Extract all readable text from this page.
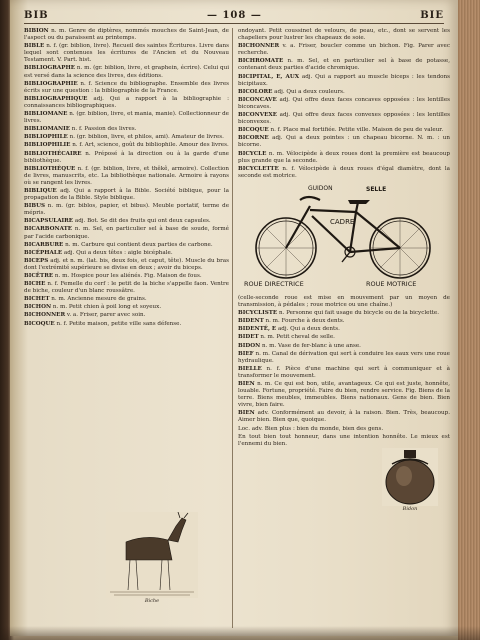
BIB	— 108 —	BIE
BIBION n. m. Genre de diptères, nommés mouches de Saint-Jean, de l'aspect ou du paraissent au printemps.
BIBLE n. f. (gr. biblion, livre). Recueil des saintes Écritures. Livre dans lequel sont contenues les écritures de l'Ancien et du Nouveau Testament. V. Part. hist.
BIBLIOGRAPHE n. m. (gr. biblion, livre, et graphein, écrire). Celui qui est versé dans la science des livres, des éditions.
BIBLIOGRAPHIE n. f. Science du bibliographe. Ensemble des livres écrits sur une question : la bibliographie de la France.
BIBLIOGRAPHIQUE adj. Qui a rapport à la bibliographie : connaissances bibliographiques.
BIBLIOMANE n. (gr. biblion, livre, et mania, manie). Collectionneur de livres.
BIBLIOMANIE n. f. Passion des livres.
BIBLIOPHILE n. (gr. biblion, livre, et philos, ami). Amateur de livres.
BIBLIOPHILIE n. f. Art, science, goût du bibliophile. Amour des livres.
BIBLIOTHÉCAIRE n. Préposé à la direction ou à la garde d'une bibliothèque.
BIBLIOTHÈQUE n. f. (gr. biblion, livre, et thêkê, armoire). Collection de livres, manuscrits, etc. La bibliothèque nationale. Armoire à rayons où se rangent les livres.
BIBLIQUE adj. Qui a rapport à la Bible. Société biblique, pour la propagation de la Bible. Style biblique.
BIBUS n. m. (gr. biblos, papier, et bibus). Meuble portatif, terme de mépris.
BICAPSULAIRE adj. Bot. Se dit des fruits qui ont deux capsules.
BICARBONATE n. m. Sel, en particulier sel à base de soude, formé par l'acide carbonique.
BICARBURE n. m. Carbure qui contient deux parties de carbone.
BICÉPHALE adj. Qui a deux têtes : aigle bicéphale.
BICEPS adj. et n. m. (lat. bis, deux fois, et caput, tête). Muscle du bras dont l'extrémité supérieure se divise en deux ; avoir du biceps.
BICÊTRE n. m. Hospice pour les aliénés. Fig. Maison de fous.
BICHE n. f. Femelle du cerf : le petit de la biche s'appelle faon. Ventre de biche, couleur d'un blanc roussâtre.
BICHET n. m. Ancienne mesure de grains.
BICHON n. m. Petit chien à poil long et soyeux.
BICHONNER v. a. Friser, parer avec soin.
BICOQUE n. f. Petite maison, petite ville sans défense.
ondoyant. Petit coussinet de velours, de peau, etc., dont se servent les chapeliers pour lustrer les chapeaux de soie.
BICHONNER v. a. Friser, boucler comme un bichon. Fig. Parer avec recherche.
BICHROMATE n. m. Sel, et en particulier sel à base de potasse, contenant deux parties d'acide chromique.
BICIPITAL, E, AUX adj. Qui a rapport au muscle biceps : les tendons bicipitaux.
BICOLORE adj. Qui a deux couleurs.
BICONCAVE adj. Qui offre deux faces concaves opposées : les lentilles biconcaves.
BICONVEXE adj. Qui offre deux faces convexes opposées : les lentilles biconvexes.
BICOQUE n. f. Place mal fortifiée. Petite ville. Maison de peu de valeur.
BICORNE adj. Qui a deux pointes : un chapeau bicorne. N. m. : un bicorne.
BICYCLE n. m. Vélocipède à deux roues dont la première est beaucoup plus grande que la seconde.
BICYCLETTE n. f. Vélocipède à deux roues d'égal diamètre, dont la seconde est motrice.
GUIDON	SELLE
CADRE
ROUE DIRECTRICE	ROUE MOTRICE
(celle-seconde roue est mise en mouvement par un moyen de transmission, à pédales ; roue motrice ou une chaîne.)
BICYCLISTE n. Personne qui fait usage du bicycle ou de la bicyclette.
BIDENT n. m. Fourche à deux dents.
BIDENTÉ, E adj. Qui a deux dents.
BIDET n. m. Petit cheval de selle.
BIDON n. m. Vase de fer-blanc à une anse.
BIEF n. m. Canal de dérivation qui sert à conduire les eaux vers une roue hydraulique.
BIELLE n. f. Pièce d'une machine qui sert à communiquer et à transformer le mouvement.
BIEN n. m. Ce qui est bon, utile, avantageux. Ce qui est juste, honnête, louable. Fortune, propriété. Faire du bien, rendre service. Fig. Biens de la terre. Biens meubles, immeubles. Biens nationaux. Gens de bien. Bien vivre, bien faire.
BIEN adv. Conformément au devoir, à la raison. Bien. Très, beaucoup. Aimer bien. Bien que, quoique.
Loc. adv. Bien plus : bien du monde, bien des gens.
En tout bien tout honneur, dans une intention honnête. Le mieux est l'ennemi du bien.
Biche
Bidon
